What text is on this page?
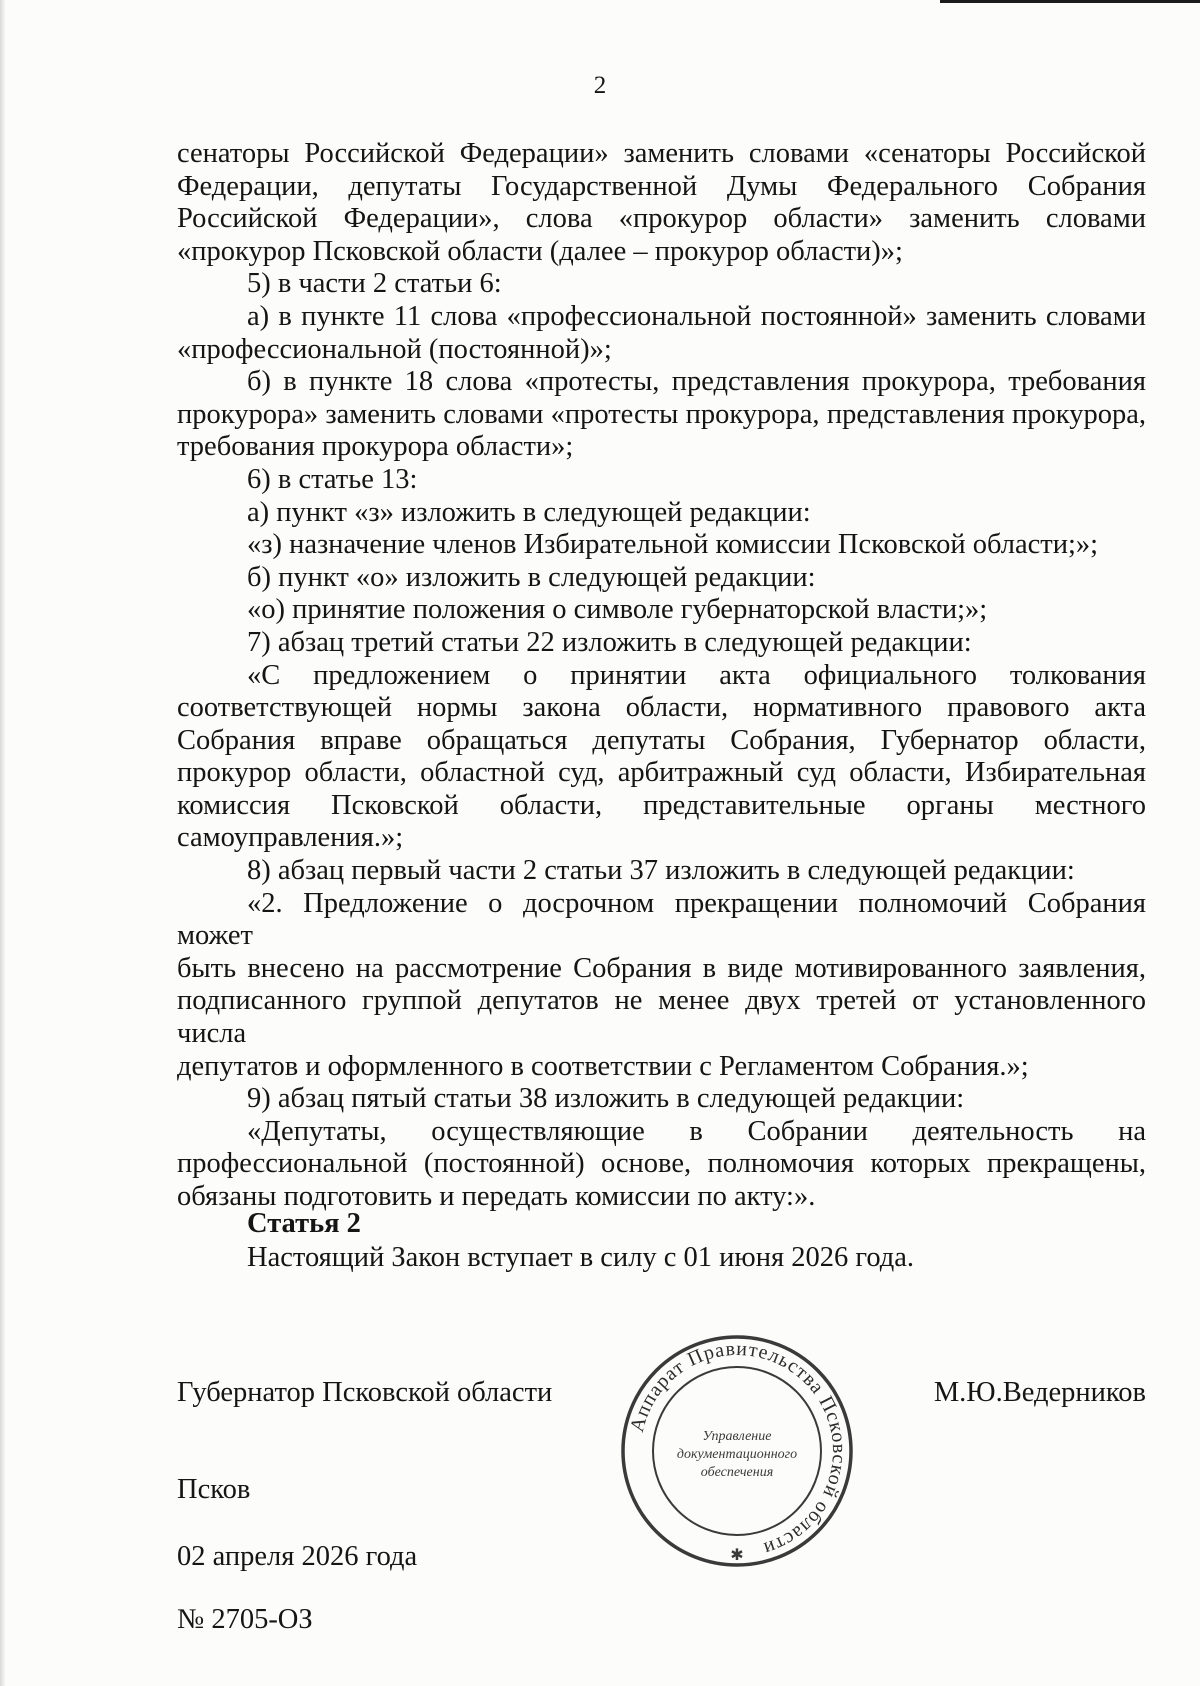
2
сенаторы Российской Федерации» заменить словами «сенаторы Российской
Федерации, депутаты Государственной Думы Федерального Собрания
Российской Федерации», слова «прокурор области» заменить словами
«прокурор Псковской области (далее – прокурор области)»;
5) в части 2 статьи 6:
а) в пункте 11 слова «профессиональной постоянной» заменить словами
«профессиональной (постоянной)»;
б) в пункте 18 слова «протесты, представления прокурора, требования
прокурора» заменить словами «протесты прокурора, представления прокурора,
требования прокурора области»;
6) в статье 13:
а) пункт «з» изложить в следующей редакции:
«з) назначение членов Избирательной комиссии Псковской области;»;
б) пункт «о» изложить в следующей редакции:
«о) принятие положения о символе губернаторской власти;»;
7) абзац третий статьи 22 изложить в следующей редакции:
«С предложением о принятии акта официального толкования
соответствующей нормы закона области, нормативного правового акта
Собрания вправе обращаться депутаты Собрания, Губернатор области,
прокурор области, областной суд, арбитражный суд области, Избирательная
комиссия Псковской области, представительные органы местного
самоуправления.»;
8) абзац первый части 2 статьи 37 изложить в следующей редакции:
«2. Предложение о досрочном прекращении полномочий Собрания может
быть внесено на рассмотрение Собрания в виде мотивированного заявления,
подписанного группой депутатов не менее двух третей от установленного числа
депутатов и оформленного в соответствии с Регламентом Собрания.»;
9) абзац пятый статьи 38 изложить в следующей редакции:
«Депутаты, осуществляющие в Собрании деятельность на
профессиональной (постоянной) основе, полномочия которых прекращены,
обязаны подготовить и передать комиссии по акту:».
Статья 2
Настоящий Закон вступает в силу с 01 июня 2026 года.
Губернатор Псковской области	М.Ю.Ведерников
Псков
02 апреля 2026 года
№ 2705-ОЗ
Аппарат Правительства Псковской области
Управление
документационного
обеспечения
✱
